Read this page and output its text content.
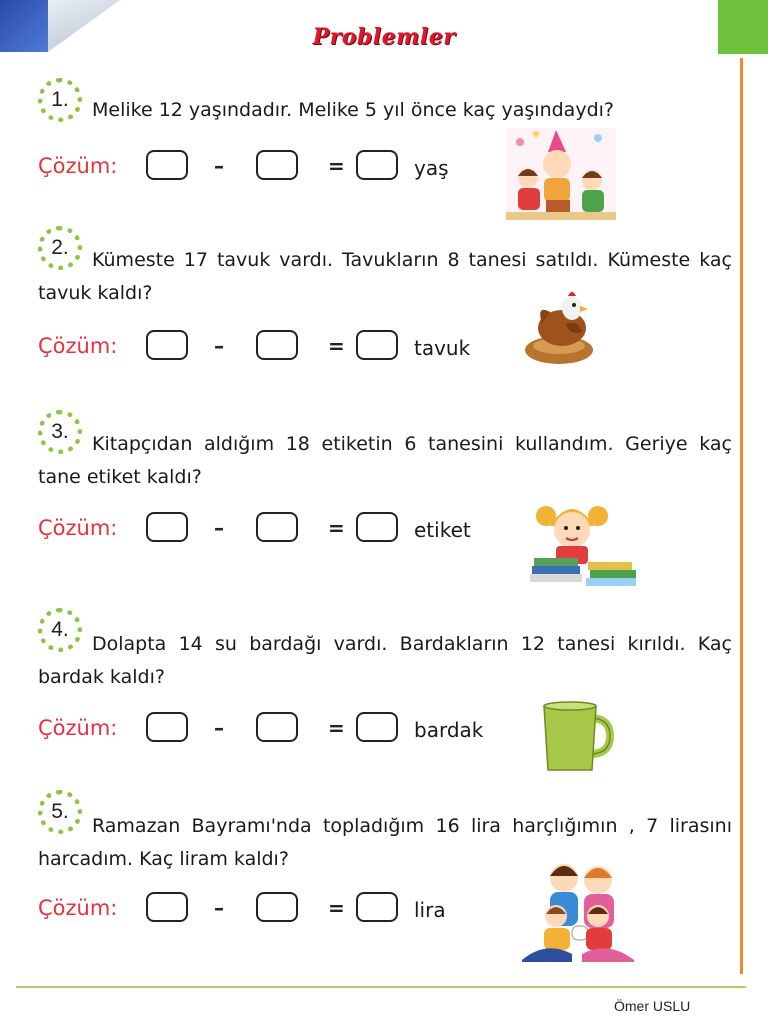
Problemler
1.	Melike 12 yaşındadır. Melike 5 yıl önce kaç yaşındaydı?
Çözüm:	–	=	yaş
2.
Kümeste 17 tavuk vardı. Tavukların 8 tanesi satıldı. Kümeste kaç tavuk kaldı?
Çözüm:	–	=	tavuk
3.
Kitapçıdan aldığım 18 etiketin 6 tanesini kullandım. Geriye kaç tane etiket kaldı?
Çözüm:	–	=	etiket
4.
Dolapta 14 su bardağı vardı. Bardakların 12 tanesi kırıldı. Kaç bardak kaldı?
Çözüm:	–	=	bardak
5.
Ramazan Bayramı'nda topladığım 16 lira harçlığımın , 7 lirasını harcadım. Kaç liram kaldı?
Çözüm:	–	=	lira
Ömer USLU
